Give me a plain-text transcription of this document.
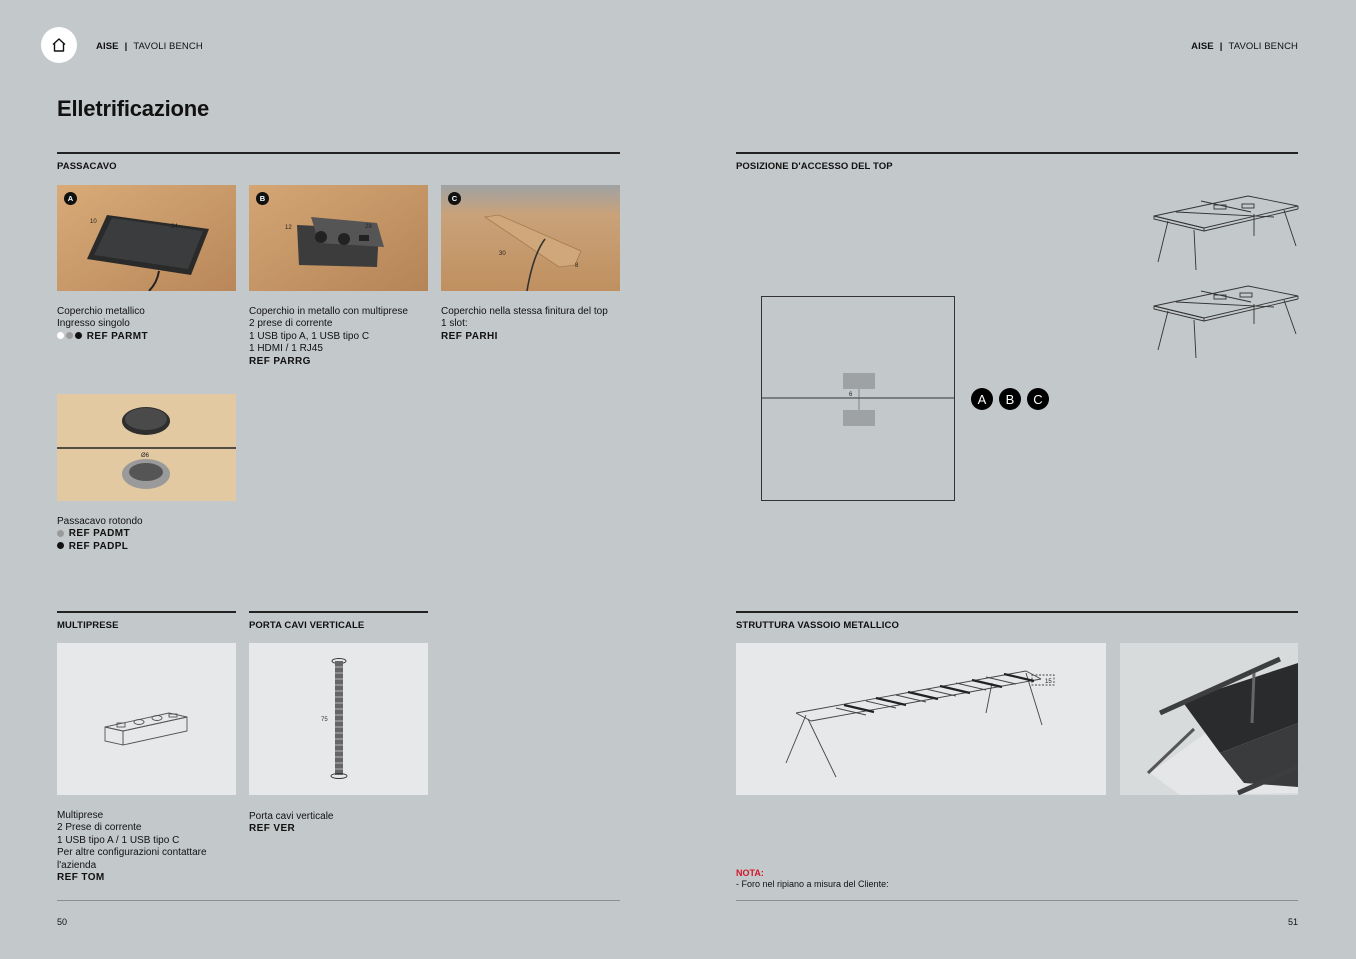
AISE | TAVOLI BENCH	AISE | TAVOLI BENCH
Elletrificazione
PASSACAVO
10
24
A
12	29
B
30
8
C
Coperchio metallico
Ingresso singolo
REF PARMT
Coperchio in metallo con multiprese
2 prese di corrente
1 USB tipo A, 1 USB tipo C
1 HDMI / 1 RJ45
REF PARRG
Coperchio nella stessa finitura del top
1 slot:
REF PARHI
Ø6
Passacavo rotondo
REF PADMT
REF PADPL
POSIZIONE D'ACCESSO DEL TOP
6	A	B	C
MULTIPRESE	PORTA CAVI VERTICALE
75
Multiprese
2 Prese di corrente
1 USB tipo A / 1 USB tipo C
Per altre configurazioni contattare
l'azienda
REF TOM
Porta cavi verticale
REF VER
STRUTTURA VASSOIO METALLICO
15
NOTA:
- Foro nel ripiano a misura del Cliente:
50	51
